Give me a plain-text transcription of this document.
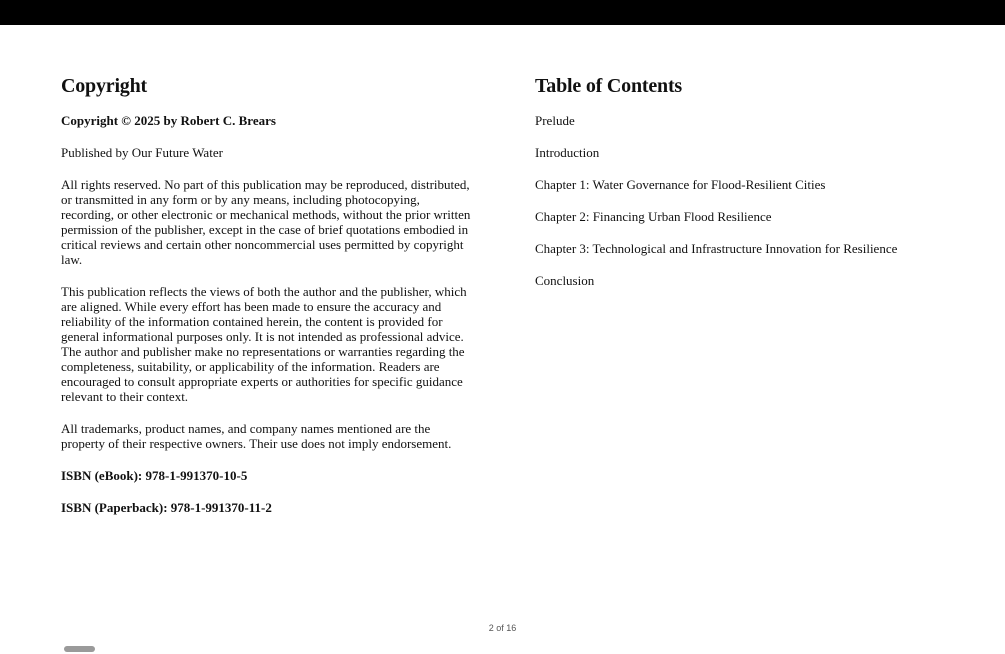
Copyright

Copyright © 2025 by Robert C. Brears

Published by Our Future Water

All rights reserved. No part of this publication may be reproduced, distributed, or transmitted in any form or by any means, including photocopying, recording, or other electronic or mechanical methods, without the prior written permission of the publisher, except in the case of brief quotations embodied in critical reviews and certain other noncommercial uses permitted by copyright law.

This publication reflects the views of both the author and the publisher, which are aligned. While every effort has been made to ensure the accuracy and reliability of the information contained herein, the content is provided for general informational purposes only. It is not intended as professional advice. The author and publisher make no representations or warranties regarding the completeness, suitability, or applicability of the information. Readers are encouraged to consult appropriate experts or authorities for specific guidance relevant to their context.

All trademarks, product names, and company names mentioned are the property of their respective owners. Their use does not imply endorsement.

ISBN (eBook): 978-1-991370-10-5

ISBN (Paperback): 978-1-991370-11-2

Table of Contents
Prelude
Introduction
Chapter 1: Water Governance for Flood-Resilient Cities
Chapter 2: Financing Urban Flood Resilience
Chapter 3: Technological and Infrastructure Innovation for Resilience
Conclusion
2 of 16
